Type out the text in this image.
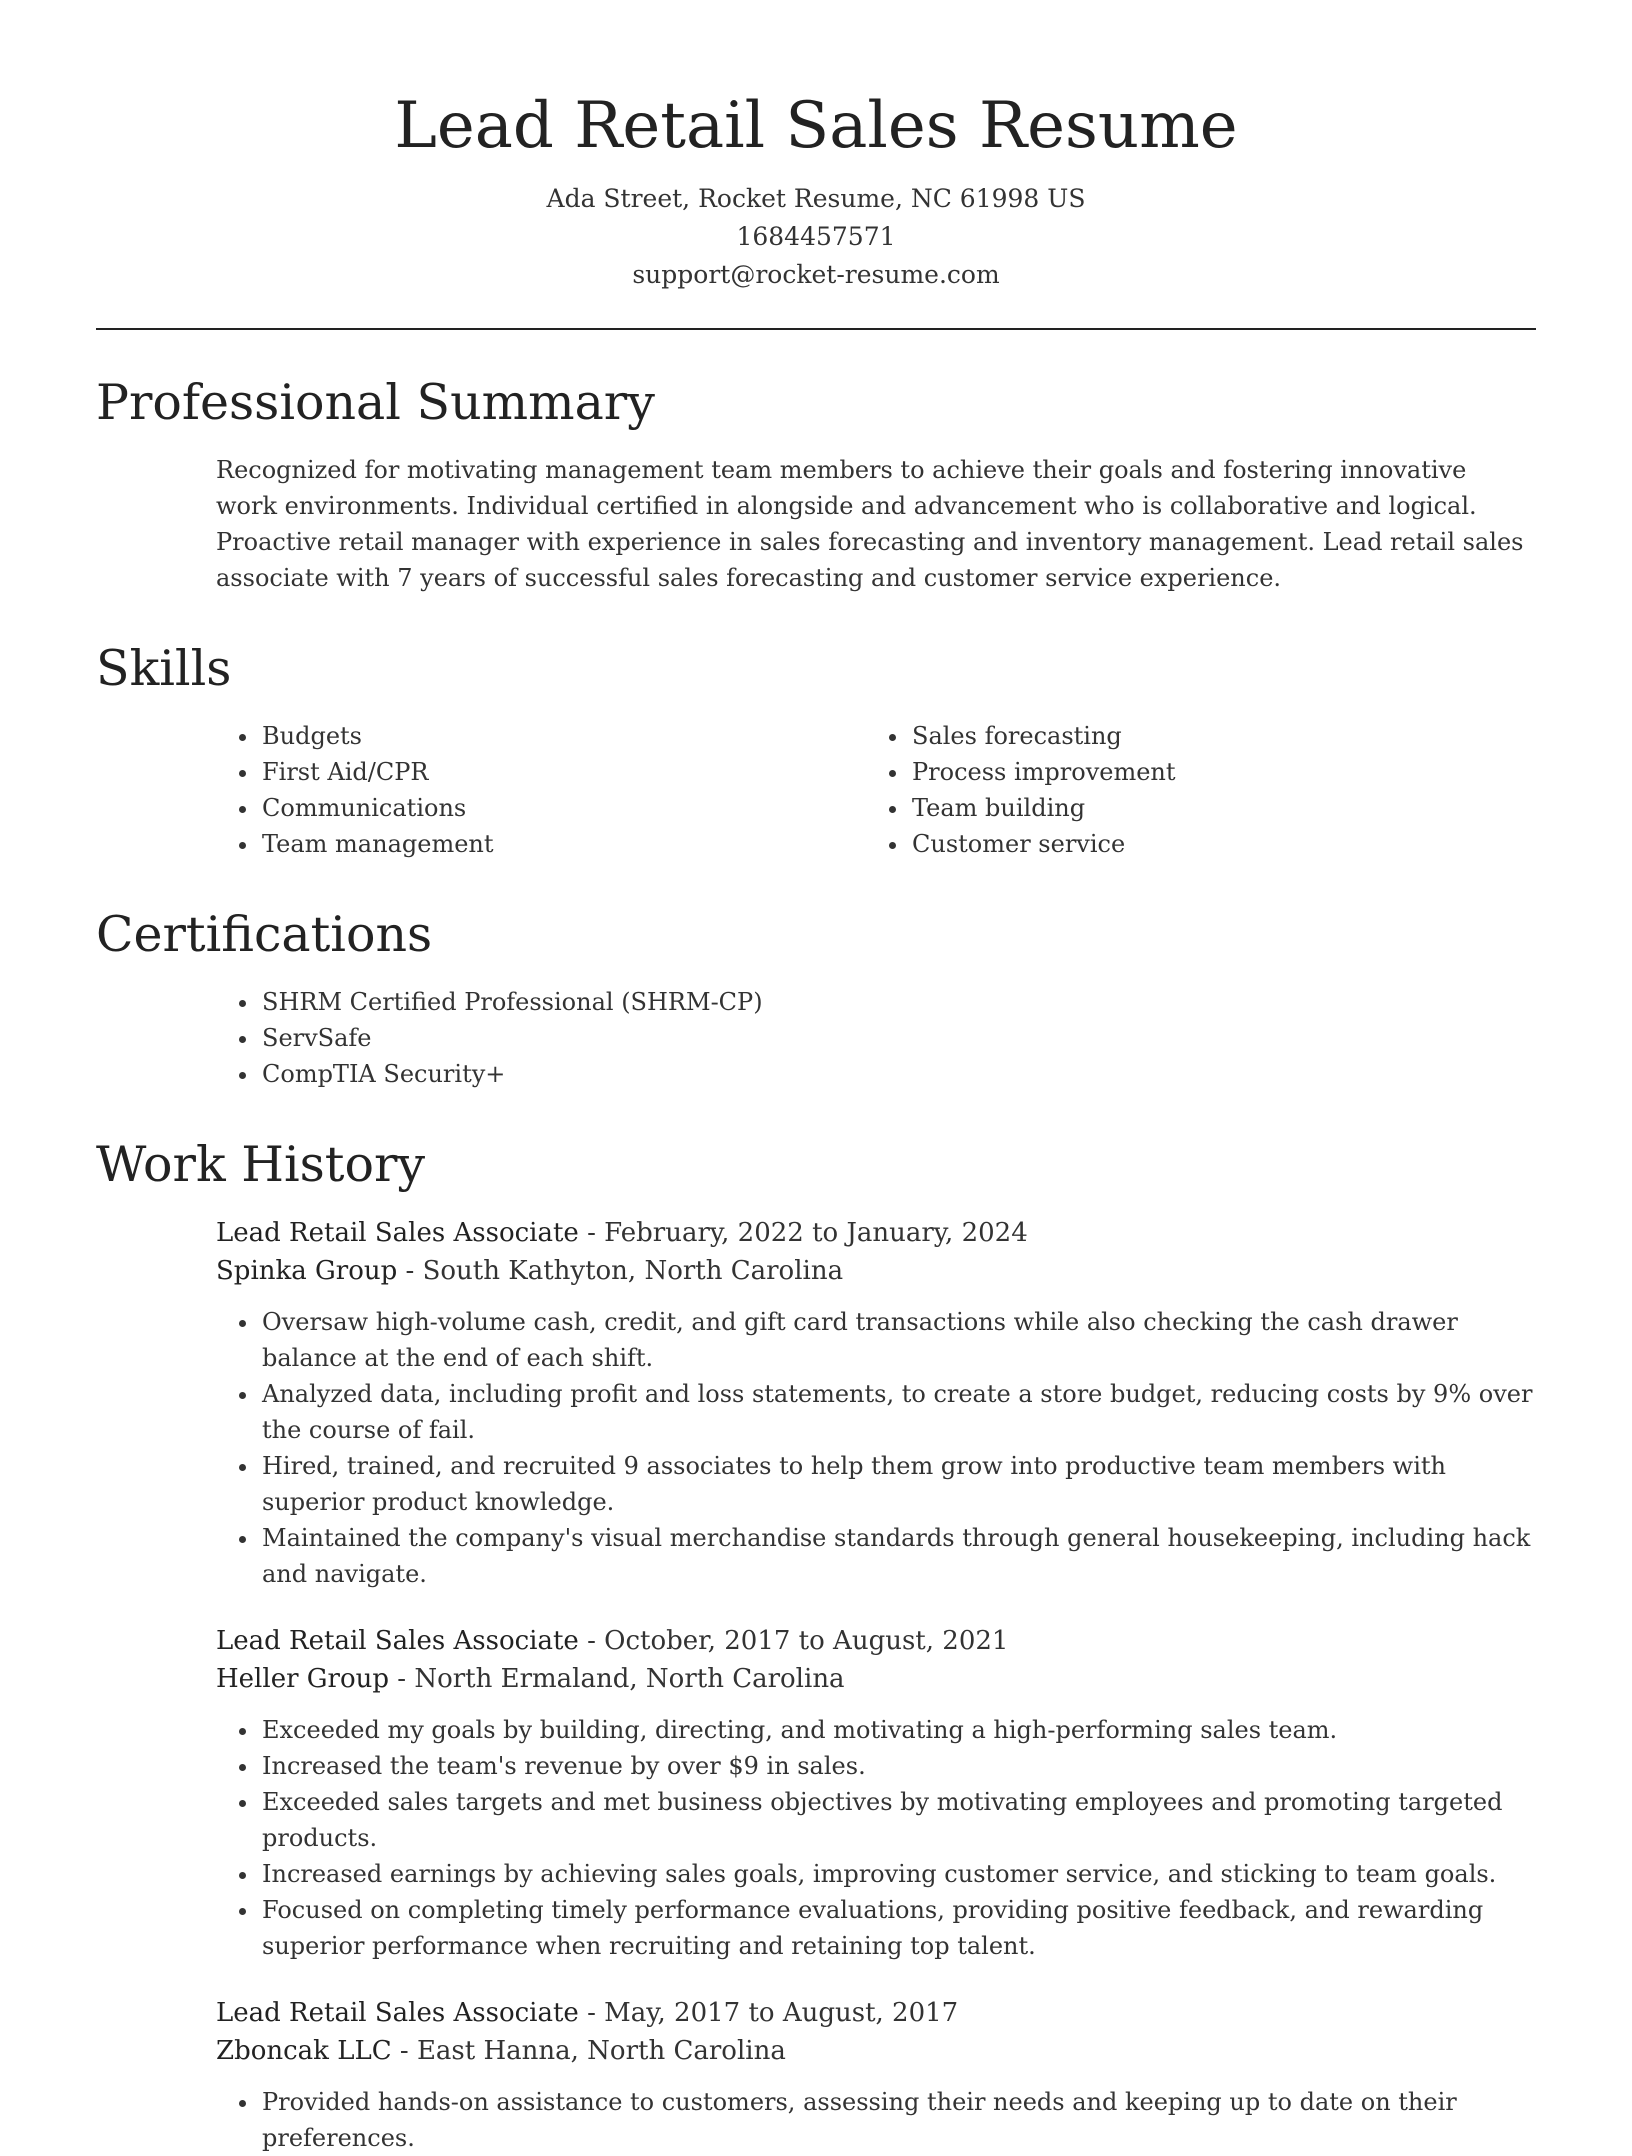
Lead Retail Sales Resume
Ada Street, Rocket Resume, NC 61998 US
1684457571
support@rocket-resume.com
Professional Summary

Recognized for motivating management team members to achieve their goals and fostering innovative work environments. Individual certified in alongside and advancement who is collaborative and logical. Proactive retail manager with experience in sales forecasting and inventory management. Lead retail sales associate with 7 years of successful sales forecasting and customer service experience.

Skills
• Budgets
• First Aid/CPR
• Communications
• Team management
• Sales forecasting
• Process improvement
• Team building
• Customer service
Certifications
• SHRM Certified Professional (SHRM-CP)
• ServSafe
• CompTIA Security+
Work History
Lead Retail Sales Associate - February, 2022 to January, 2024
Spinka Group - South Kathyton, North Carolina
• Oversaw high-volume cash, credit, and gift card transactions while also checking the cash drawer balance at the end of each shift.
• Analyzed data, including profit and loss statements, to create a store budget, reducing costs by 9% over the course of fail.
• Hired, trained, and recruited 9 associates to help them grow into productive team members with superior product knowledge.
• Maintained the company's visual merchandise standards through general housekeeping, including hack and navigate.
Lead Retail Sales Associate - October, 2017 to August, 2021
Heller Group - North Ermaland, North Carolina
• Exceeded my goals by building, directing, and motivating a high-performing sales team.
• Increased the team's revenue by over $9 in sales.
• Exceeded sales targets and met business objectives by motivating employees and promoting targeted products.
• Increased earnings by achieving sales goals, improving customer service, and sticking to team goals.
• Focused on completing timely performance evaluations, providing positive feedback, and rewarding superior performance when recruiting and retaining top talent.
Lead Retail Sales Associate - May, 2017 to August, 2017
Zboncak LLC - East Hanna, North Carolina
• Provided hands-on assistance to customers, assessing their needs and keeping up to date on their preferences.
